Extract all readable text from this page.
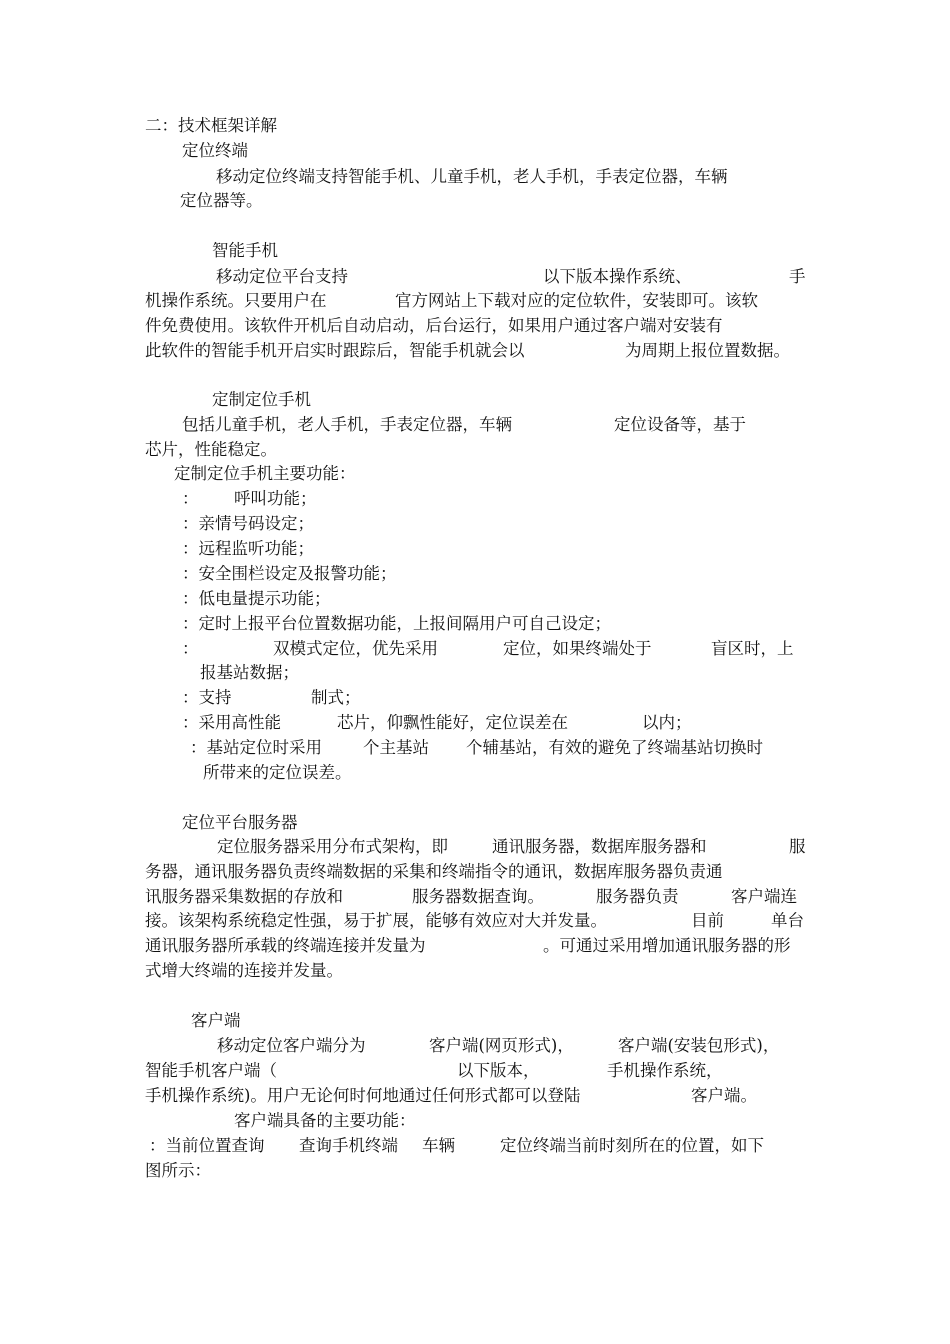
二：技术框架详解
定位终端
移动定位终端支持智能手机、儿童手机，老人手机，手表定位器，车辆
定位器等。
智能手机
移动定位平台支持	以下版本操作系统、	手
机操作系统。只要用户在	官方网站上下载对应的定位软件，安装即可。该软
件免费使用。该软件开机后自动启动，后台运行，如果用户通过客户端对安装有
此软件的智能手机开启实时跟踪后，智能手机就会以	为周期上报位置数据。
定制定位手机
包括儿童手机，老人手机，手表定位器，车辆	定位设备等，基于
芯片，性能稳定。
定制定位手机主要功能：
： 呼叫功能；
：亲情号码设定；
：远程监听功能；
：安全围栏设定及报警功能；
：低电量提示功能；
：定时上报平台位置数据功能，上报间隔用户可自己设定；
：	双模式定位，优先采用	定位，如果终端处于	盲区时，上
报基站数据；
：支持	制式；
：采用高性能	芯片，仰飘性能好，定位误差在	以内；
：基站定位时采用 个主基站 个辅基站，有效的避免了终端基站切换时
所带来的定位误差。
定位平台服务器
定位服务器采用分布式架构，即	通讯服务器，数据库服务器和	服
务器，通讯服务器负责终端数据的采集和终端指令的通讯，数据库服务器负责通
讯服务器采集数据的存放和	服务器数据查询。	服务器负责	客户端连
接。该架构系统稳定性强，易于扩展，能够有效应对大并发量。	目前	单台
通讯服务器所承载的终端连接并发量为	。可通过采用增加通讯服务器的形
式增大终端的连接并发量。
客户端
移动定位客户端分为	客户端(网页形式)，	客户端(安装包形式)，
智能手机客户端（	以下版本，	手机操作系统，
手机操作系统)。用户无论何时何地通过任何形式都可以登陆	客户端。
客户端具备的主要功能：
：当前位置查询 查询手机终端 车辆	定位终端当前时刻所在的位置，如下
图所示：
